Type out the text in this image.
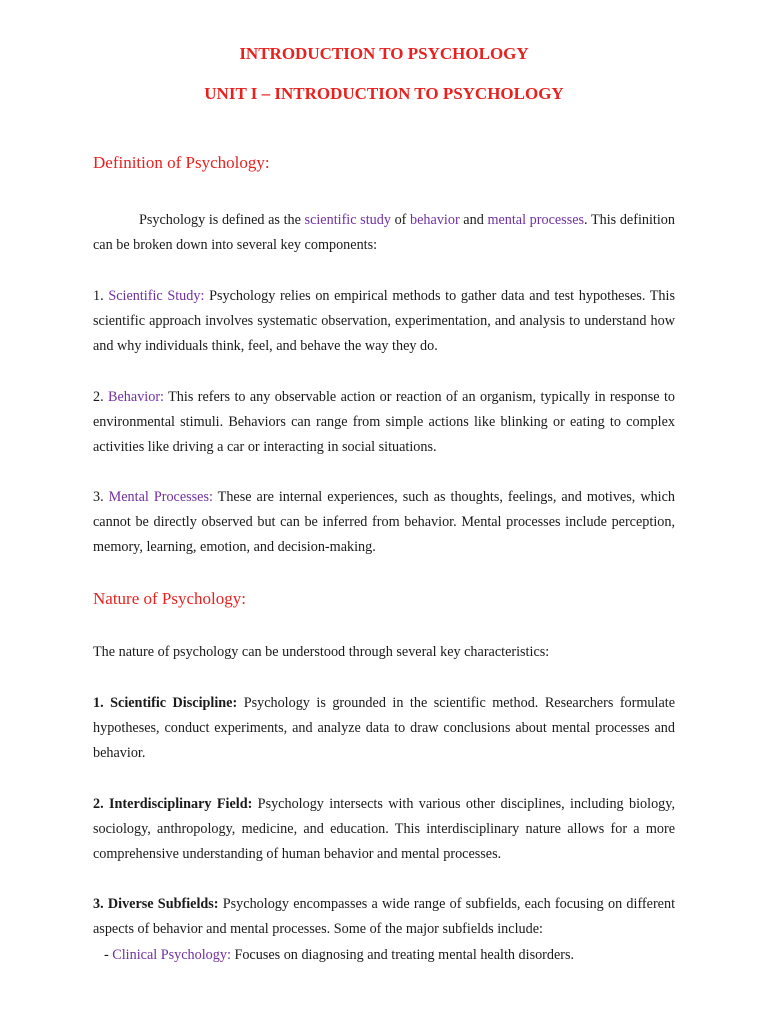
INTRODUCTION TO PSYCHOLOGY
UNIT I – INTRODUCTION TO PSYCHOLOGY
Definition of Psychology:
Psychology is defined as the scientific study of behavior and mental processes. This definition can be broken down into several key components:
1. Scientific Study: Psychology relies on empirical methods to gather data and test hypotheses. This scientific approach involves systematic observation, experimentation, and analysis to understand how and why individuals think, feel, and behave the way they do.
2. Behavior: This refers to any observable action or reaction of an organism, typically in response to environmental stimuli. Behaviors can range from simple actions like blinking or eating to complex activities like driving a car or interacting in social situations.
3. Mental Processes: These are internal experiences, such as thoughts, feelings, and motives, which cannot be directly observed but can be inferred from behavior. Mental processes include perception, memory, learning, emotion, and decision-making.
Nature of Psychology:
The nature of psychology can be understood through several key characteristics:
1. Scientific Discipline: Psychology is grounded in the scientific method. Researchers formulate hypotheses, conduct experiments, and analyze data to draw conclusions about mental processes and behavior.
2. Interdisciplinary Field: Psychology intersects with various other disciplines, including biology, sociology, anthropology, medicine, and education. This interdisciplinary nature allows for a more comprehensive understanding of human behavior and mental processes.
3. Diverse Subfields: Psychology encompasses a wide range of subfields, each focusing on different aspects of behavior and mental processes. Some of the major subfields include:
- Clinical Psychology: Focuses on diagnosing and treating mental health disorders.
